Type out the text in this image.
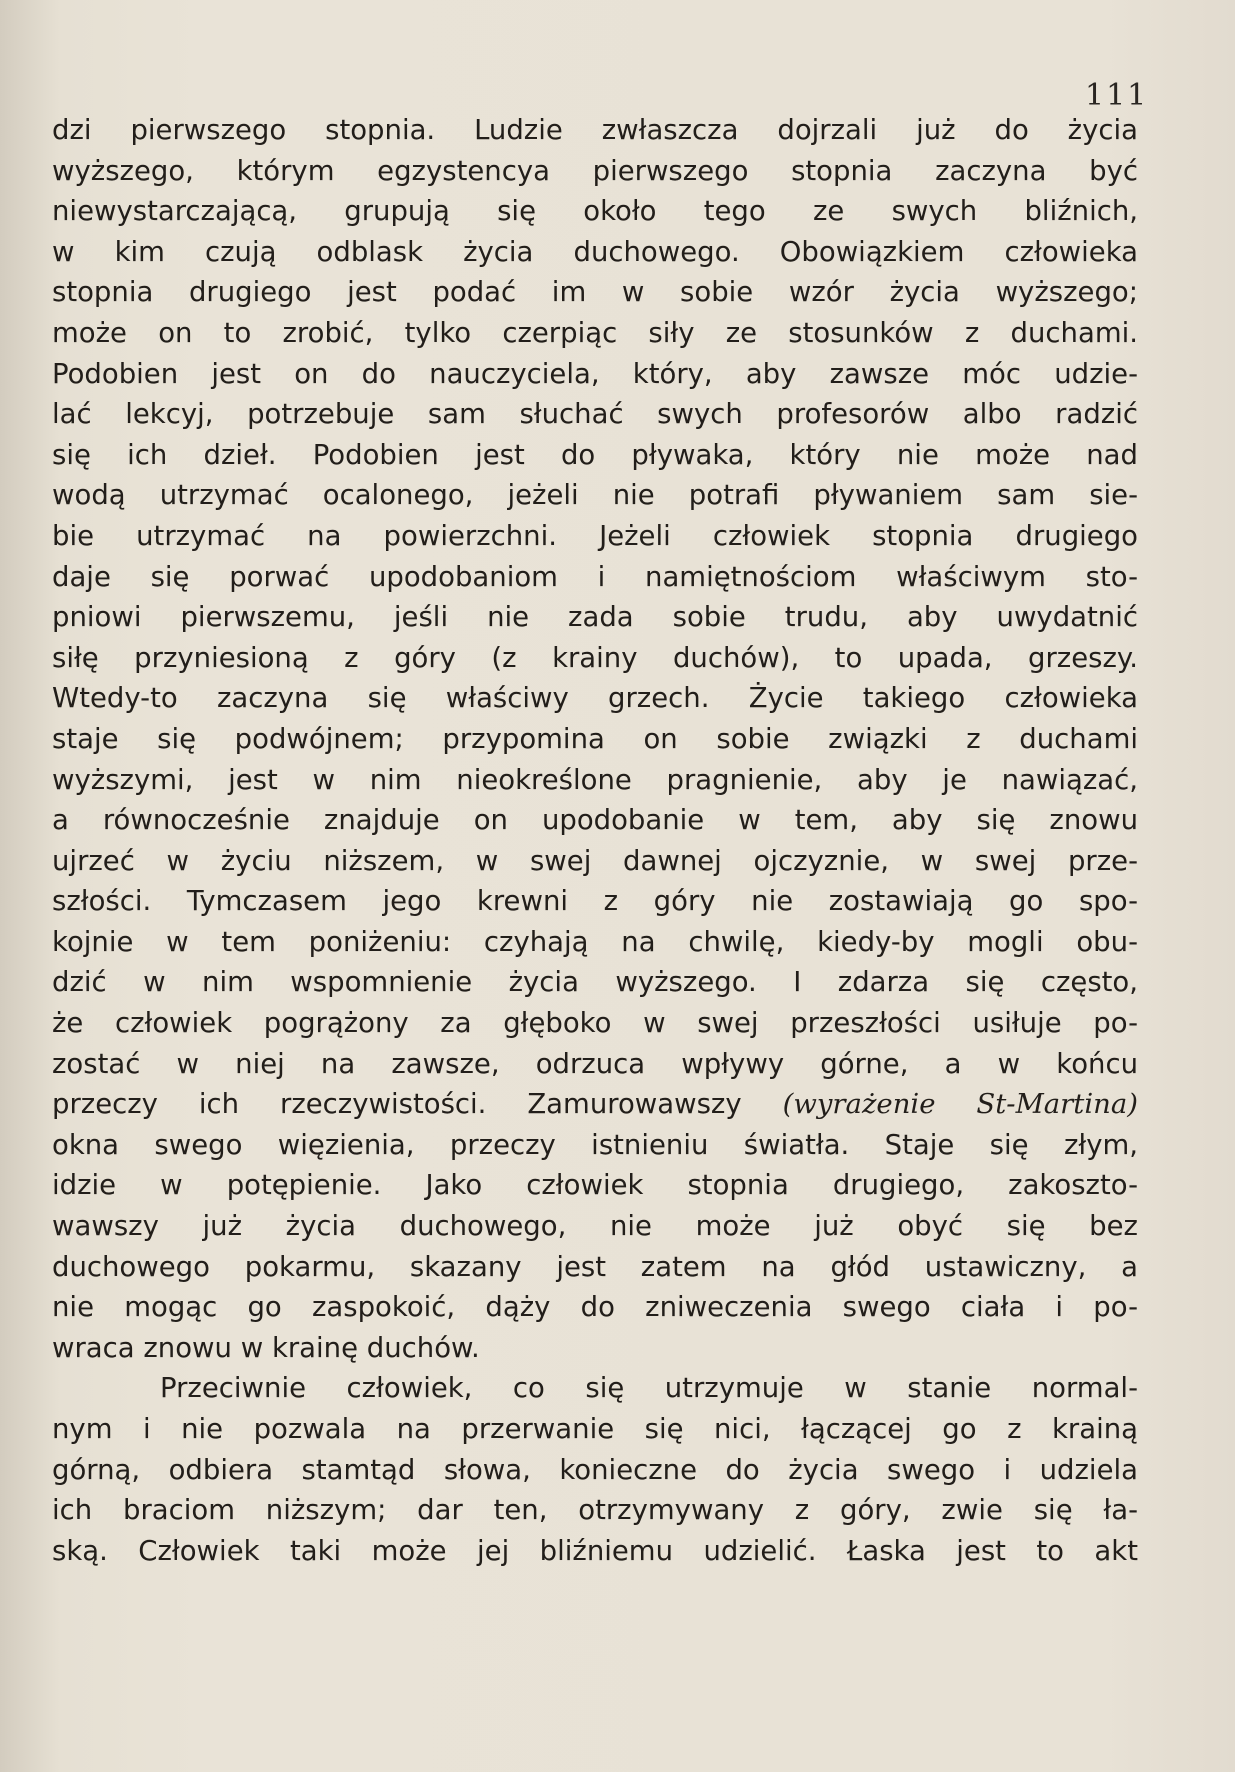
111
dzi pierwszego stopnia. Ludzie zwłaszcza dojrzali już do życia
wyższego, którym egzystencya pierwszego stopnia zaczyna być
niewystarczającą, grupują się około tego ze swych bliźnich,
w kim czują odblask życia duchowego. Obowiązkiem człowieka
stopnia drugiego jest podać im w sobie wzór życia wyższego;
może on to zrobić, tylko czerpiąc siły ze stosunków z duchami.
Podobien jest on do nauczyciela, który, aby zawsze móc udzie-
lać lekcyj, potrzebuje sam słuchać swych profesorów albo radzić
się ich dzieł. Podobien jest do pływaka, który nie może nad
wodą utrzymać ocalonego, jeżeli nie potrafi pływaniem sam sie-
bie utrzymać na powierzchni. Jeżeli człowiek stopnia drugiego
daje się porwać upodobaniom i namiętnościom właściwym sto-
pniowi pierwszemu, jeśli nie zada sobie trudu, aby uwydatnić
siłę przyniesioną z góry (z krainy duchów), to upada, grzeszy.
Wtedy-to zaczyna się właściwy grzech. Życie takiego człowieka
staje się podwójnem; przypomina on sobie związki z duchami
wyższymi, jest w nim nieokreślone pragnienie, aby je nawiązać,
a równocześnie znajduje on upodobanie w tem, aby się znowu
ujrzeć w życiu niższem, w swej dawnej ojczyznie, w swej prze-
szłości. Tymczasem jego krewni z góry nie zostawiają go spo-
kojnie w tem poniżeniu: czyhają na chwilę, kiedy-by mogli obu-
dzić w nim wspomnienie życia wyższego. I zdarza się często,
że człowiek pogrążony za głęboko w swej przeszłości usiłuje po-
zostać w niej na zawsze, odrzuca wpływy górne, a w końcu
przeczy ich rzeczywistości. Zamurowawszy (wyrażenie St-Martina)
okna swego więzienia, przeczy istnieniu światła. Staje się złym,
idzie w potępienie. Jako człowiek stopnia drugiego, zakoszto-
wawszy już życia duchowego, nie może już obyć się bez
duchowego pokarmu, skazany jest zatem na głód ustawiczny, a
nie mogąc go zaspokoić, dąży do zniweczenia swego ciała i po-
wraca znowu w krainę duchów.
Przeciwnie człowiek, co się utrzymuje w stanie normal-
nym i nie pozwala na przerwanie się nici, łączącej go z krainą
górną, odbiera stamtąd słowa, konieczne do życia swego i udziela
ich braciom niższym; dar ten, otrzymywany z góry, zwie się ła-
ską. Człowiek taki może jej bliźniemu udzielić. Łaska jest to akt
